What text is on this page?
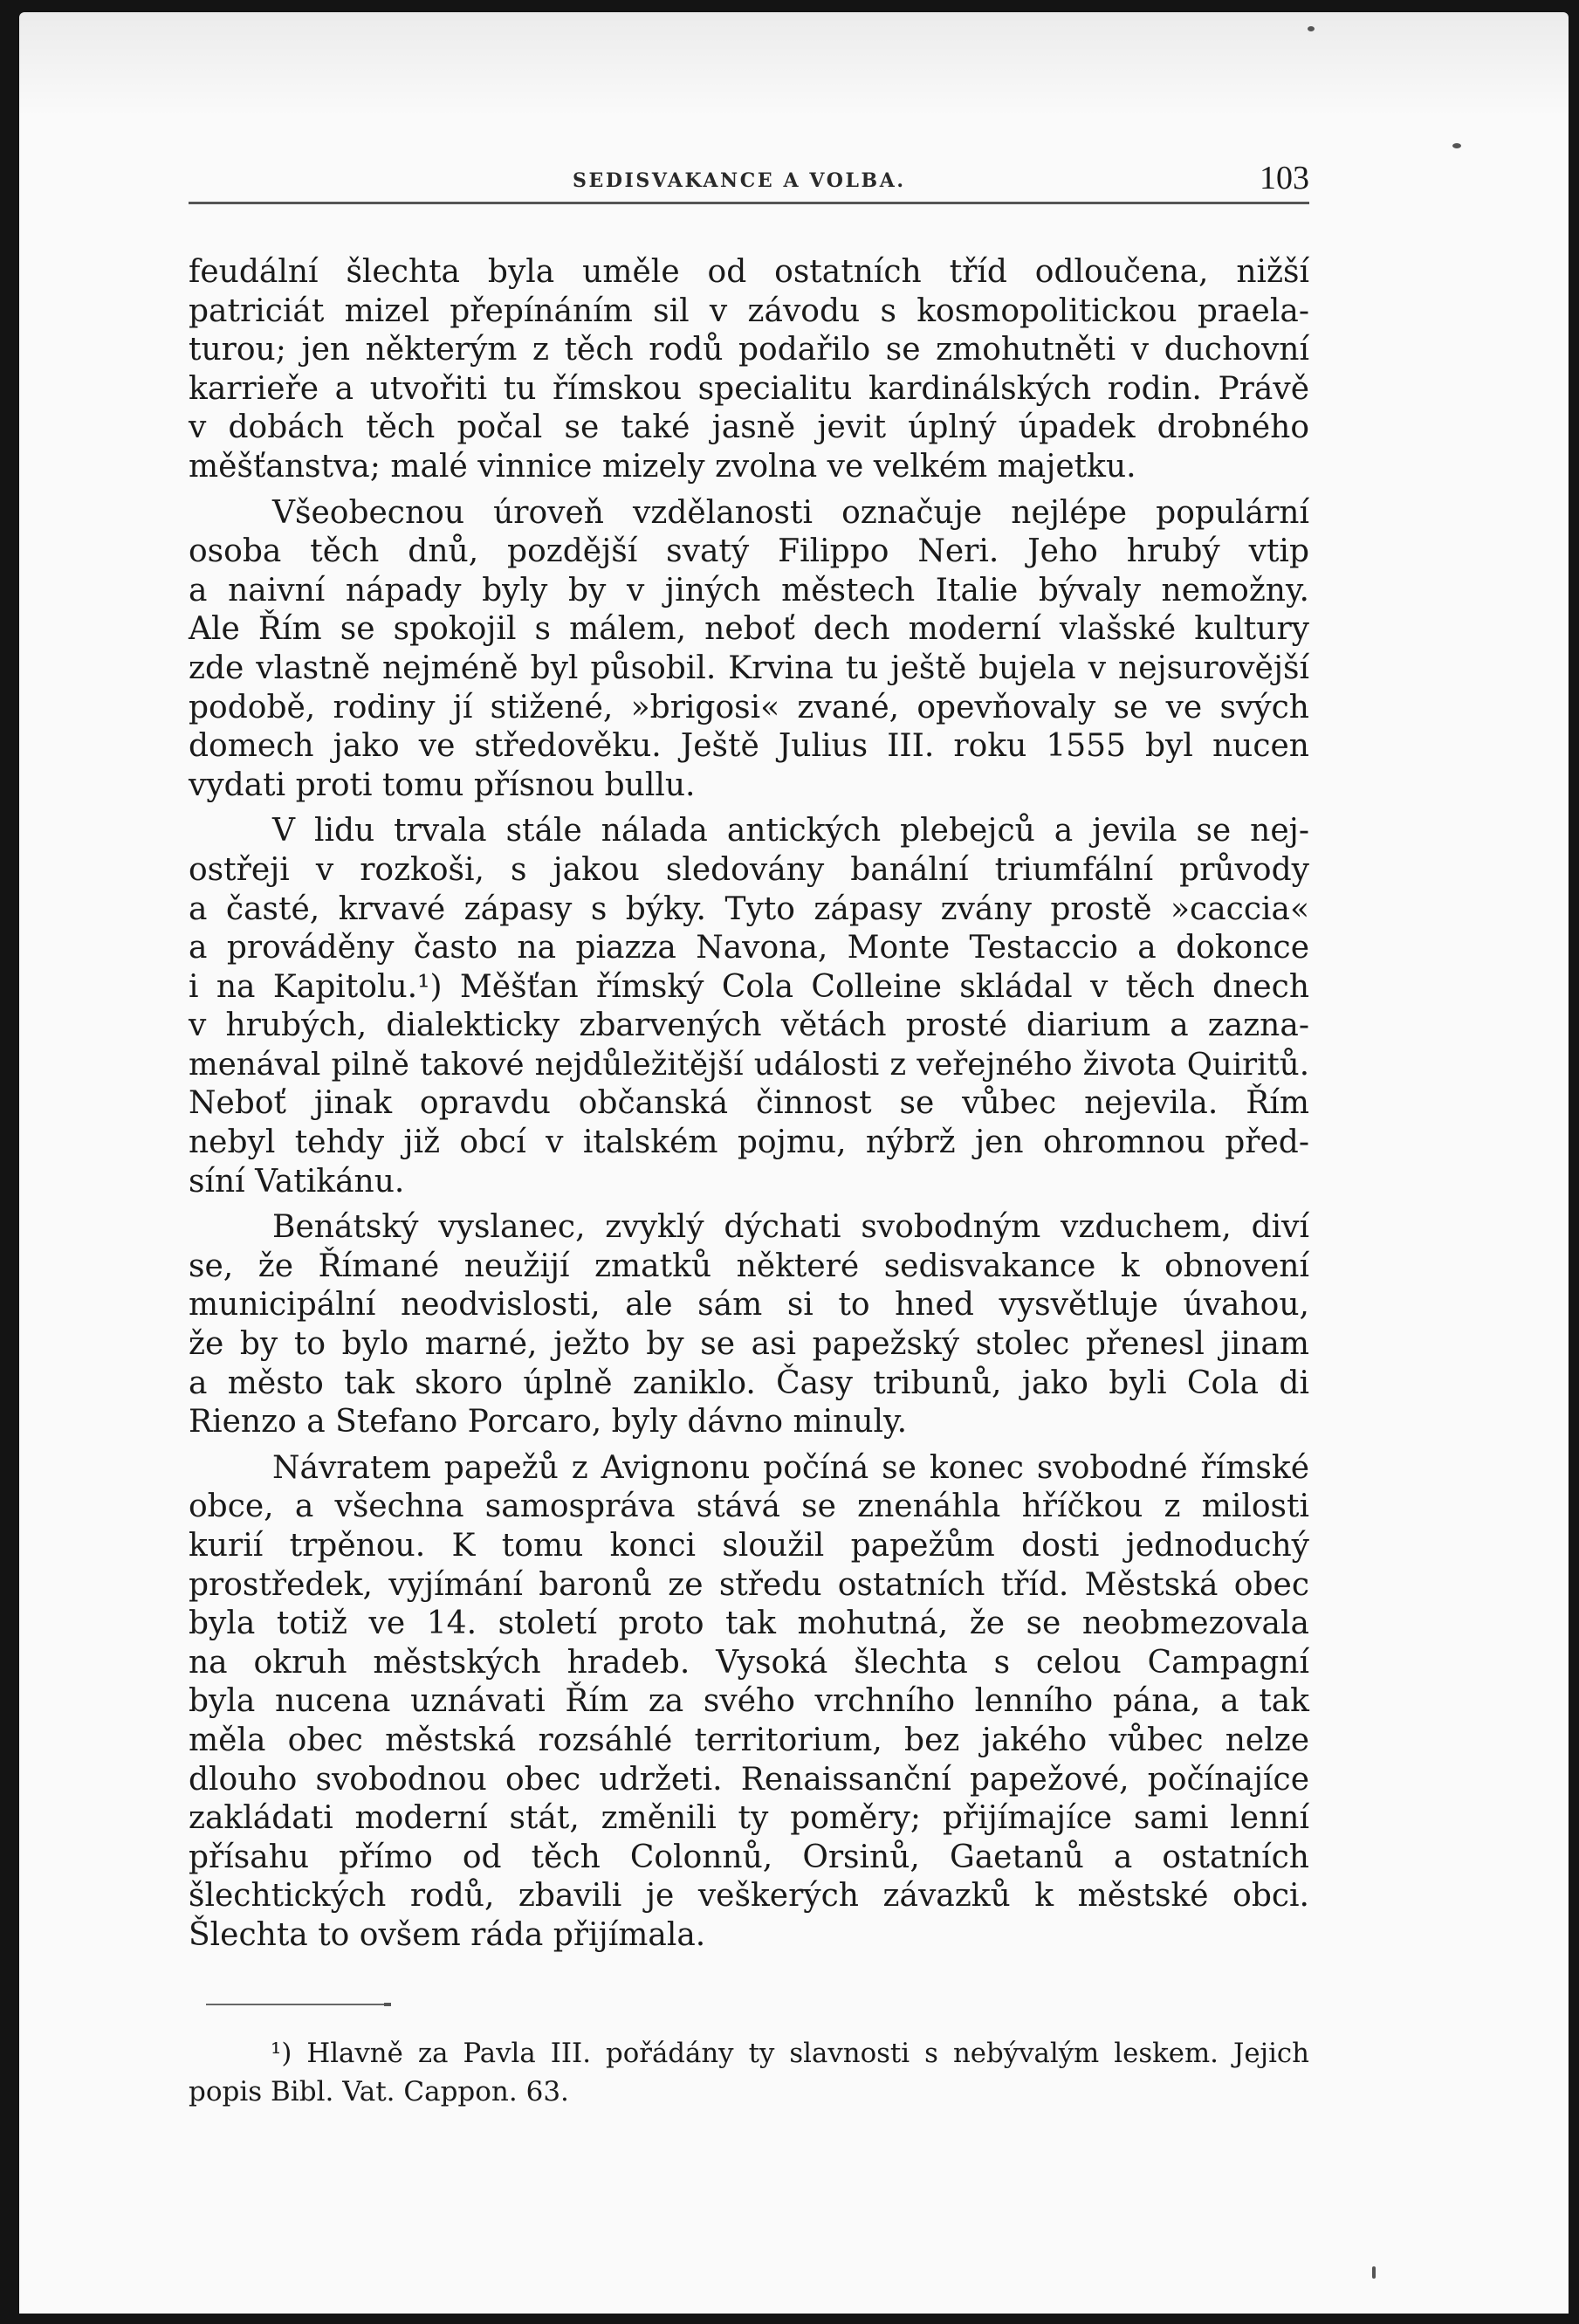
SEDISVAKANCE A VOLBA.	103
feudální šlechta byla uměle od ostatních tříd odloučena, nižší
patriciát mizel přepínáním sil v závodu s kosmopolitickou praela-
turou; jen některým z těch rodů podařilo se zmohutněti v duchovní
karrieře a utvořiti tu římskou specialitu kardinálských rodin. Právě
v dobách těch počal se také jasně jevit úplný úpadek drobného
měšťanstva; malé vinnice mizely zvolna ve velkém majetku.
Všeobecnou úroveň vzdělanosti označuje nejlépe populární
osoba těch dnů, pozdější svatý Filippo Neri. Jeho hrubý vtip
a naivní nápady byly by v jiných městech Italie bývaly nemožny.
Ale Řím se spokojil s málem, neboť dech moderní vlašské kultury
zde vlastně nejméně byl působil. Krvina tu ještě bujela v nejsurovější
podobě, rodiny jí stižené, »brigosi« zvané, opevňovaly se ve svých
domech jako ve středověku. Ještě Julius III. roku 1555 byl nucen
vydati proti tomu přísnou bullu.
V lidu trvala stále nálada antických plebejců a jevila se nej-
ostřeji v rozkoši, s jakou sledovány banální triumfální průvody
a časté, krvavé zápasy s býky. Tyto zápasy zvány prostě »caccia«
a prováděny často na piazza Navona, Monte Testaccio a dokonce
i na Kapitolu.¹) Měšťan římský Cola Colleine skládal v těch dnech
v hrubých, dialekticky zbarvených větách prosté diarium a zazna-
menával pilně takové nejdůležitější události z veřejného života Quiritů.
Neboť jinak opravdu občanská činnost se vůbec nejevila. Řím
nebyl tehdy již obcí v italském pojmu, nýbrž jen ohromnou před-
síní Vatikánu.
Benátský vyslanec, zvyklý dýchati svobodným vzduchem, diví
se, že Římané neužijí zmatků některé sedisvakance k obnovení
municipální neodvislosti, ale sám si to hned vysvětluje úvahou,
že by to bylo marné, ježto by se asi papežský stolec přenesl jinam
a město tak skoro úplně zaniklo. Časy tribunů, jako byli Cola di
Rienzo a Stefano Porcaro, byly dávno minuly.
Návratem papežů z Avignonu počíná se konec svobodné římské
obce, a všechna samospráva stává se znenáhla hříčkou z milosti
kurií trpěnou. K tomu konci sloužil papežům dosti jednoduchý
prostředek, vyjímání baronů ze středu ostatních tříd. Městská obec
byla totiž ve 14. století proto tak mohutná, že se neobmezovala
na okruh městských hradeb. Vysoká šlechta s celou Campagní
byla nucena uznávati Řím za svého vrchního lenního pána, a tak
měla obec městská rozsáhlé territorium, bez jakého vůbec nelze
dlouho svobodnou obec udržeti. Renaissanční papežové, počínajíce
zakládati moderní stát, změnili ty poměry; přijímajíce sami lenní
přísahu přímo od těch Colonnů, Orsinů, Gaetanů a ostatních
šlechtických rodů, zbavili je veškerých závazků k městské obci.
Šlechta to ovšem ráda přijímala.
¹) Hlavně za Pavla III. pořádány ty slavnosti s nebývalým leskem. Jejich
popis Bibl. Vat. Cappon. 63.
